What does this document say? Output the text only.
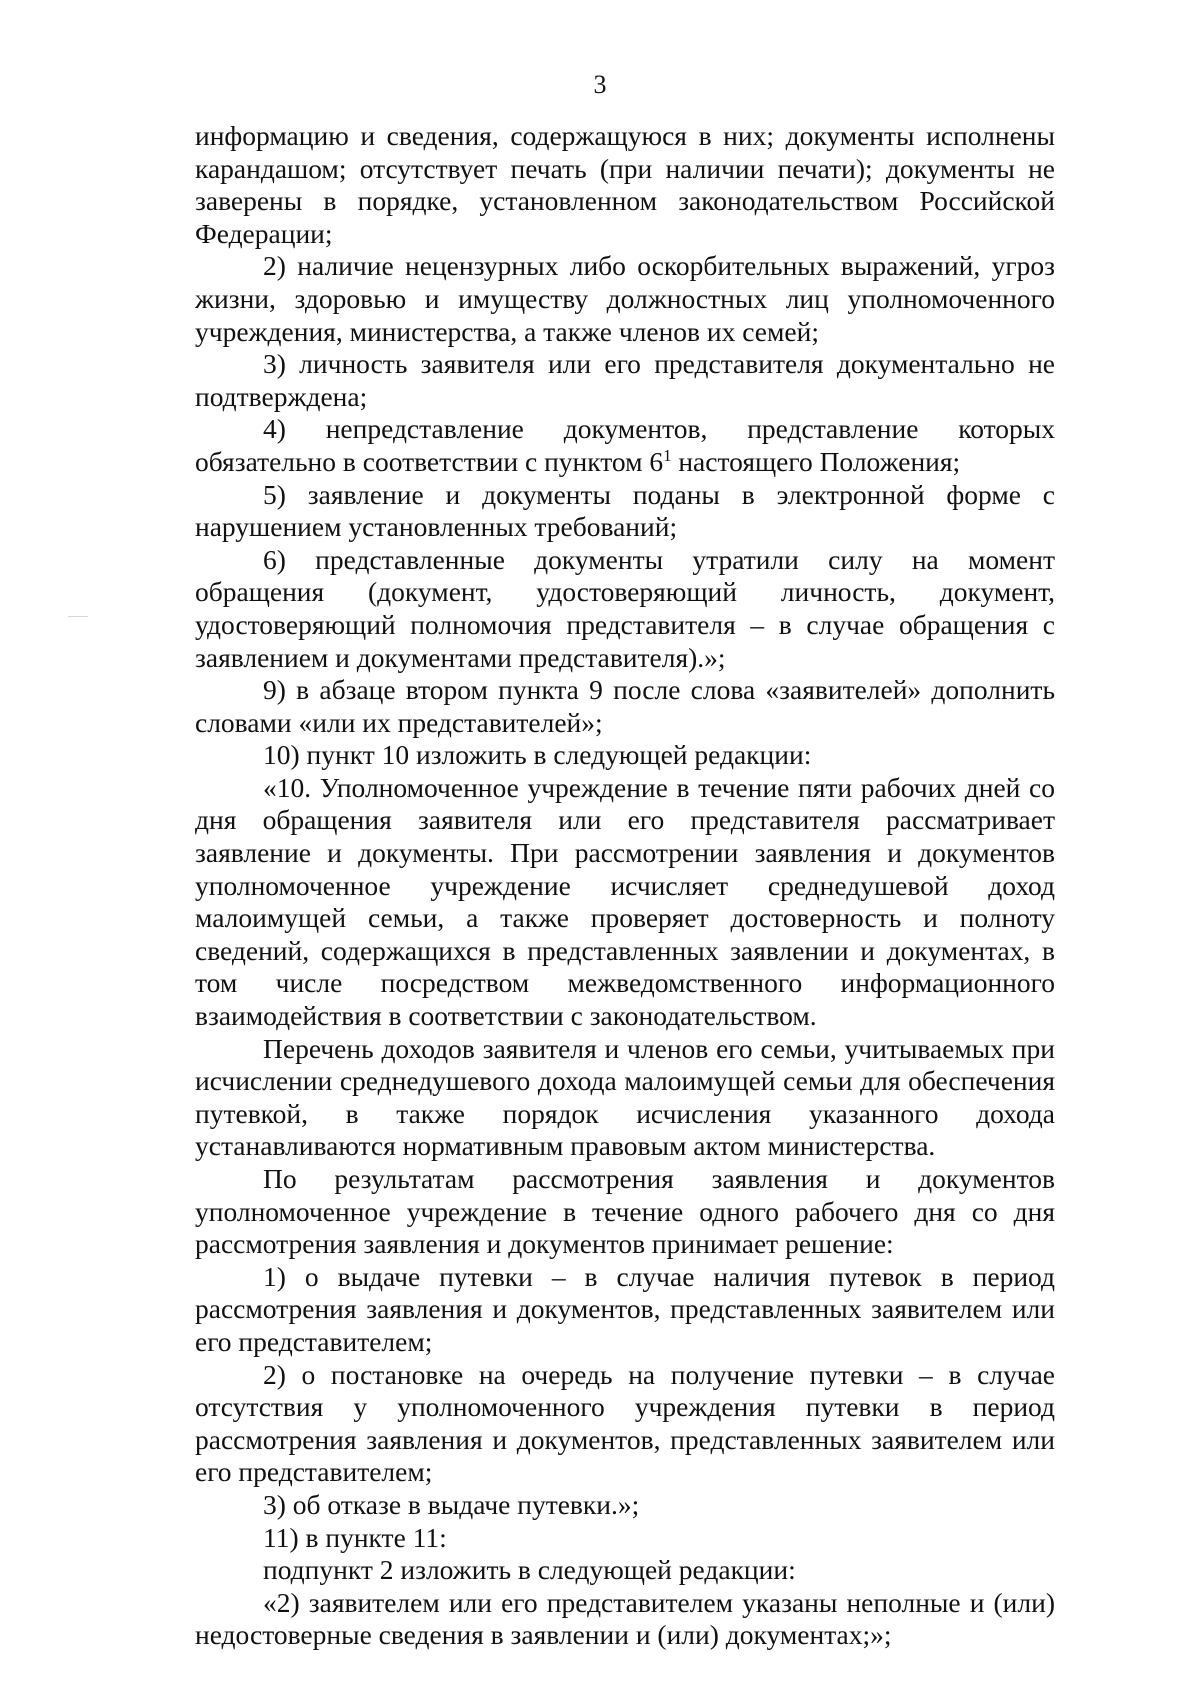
3

информацию и сведения, содержащуюся в них; документы исполнены карандашом; отсутствует печать (при наличии печати); документы не заверены в порядке, установленном законодательством Российской Федерации;

2) наличие нецензурных либо оскорбительных выражений, угроз жизни, здоровью и имуществу должностных лиц уполномоченного учреждения, министерства, а также членов их семей;

3) личность заявителя или его представителя документально не подтверждена;

4) непредставление документов, представление которых обязательно в соответствии с пунктом $6^1$ настоящего Положения;

5) заявление и документы поданы в электронной форме с нарушением установленных требований;

6) представленные документы утратили силу на момент обращения (документ, удостоверяющий личность, документ, удостоверяющий полномочия представителя – в случае обращения с заявлением и документами представителя).»;

9) в абзаце втором пункта 9 после слова «заявителей» дополнить словами «или их представителей»;

10) пункт 10 изложить в следующей редакции:

«10. Уполномоченное учреждение в течение пяти рабочих дней со дня обращения заявителя или его представителя рассматривает заявление и документы. При рассмотрении заявления и документов уполномоченное учреждение исчисляет среднедушевой доход малоимущей семьи, а также проверяет достоверность и полноту сведений, содержащихся в представленных заявлении и документах, в том числе посредством межведомственного информационного взаимодействия в соответствии с законодательством.

Перечень доходов заявителя и членов его семьи, учитываемых при исчислении среднедушевого дохода малоимущей семьи для обеспечения путевкой, в также порядок исчисления указанного дохода устанавливаются нормативным правовым актом министерства.

По результатам рассмотрения заявления и документов уполномоченное учреждение в течение одного рабочего дня со дня рассмотрения заявления и документов принимает решение:

1) о выдаче путевки – в случае наличия путевок в период рассмотрения заявления и документов, представленных заявителем или его представителем;

2) о постановке на очередь на получение путевки – в случае отсутствия у уполномоченного учреждения путевки в период рассмотрения заявления и документов, представленных заявителем или его представителем;

3) об отказе в выдаче путевки.»;

11) в пункте 11:

подпункт 2 изложить в следующей редакции:

«2) заявителем или его представителем указаны неполные и (или) недостоверные сведения в заявлении и (или) документах;»;
